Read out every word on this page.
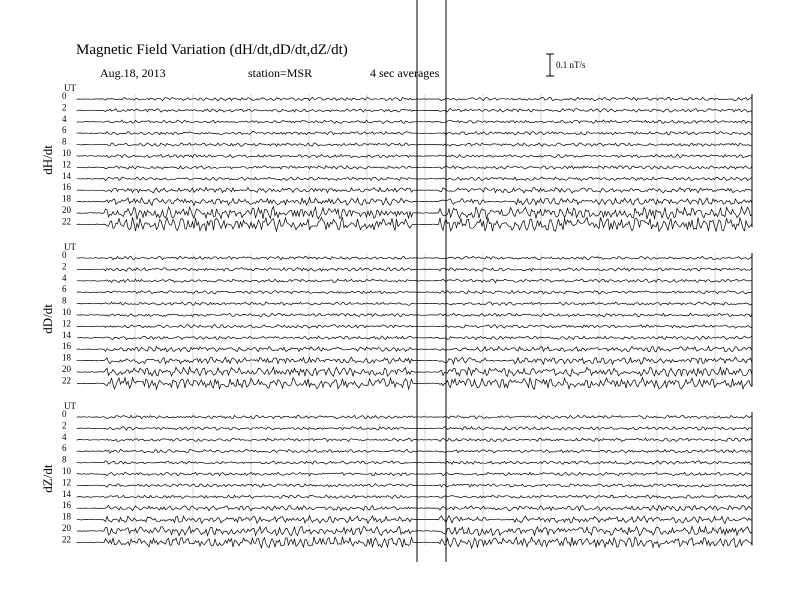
Magnetic Field Variation (dH/dt,dD/dt,dZ/dt)
Aug.18, 2013	station=MSR	4 sec averages
0.1 nT/s
UT
dH/dt
0
2
4
6
8
10
12
14
16
18
20
22
UT
dD/dt
0
2
4
6
8
10
12
14
16
18
20
22
UT
dZ/dt
0
2
4
6
8
10
12
14
16
18
20
22
